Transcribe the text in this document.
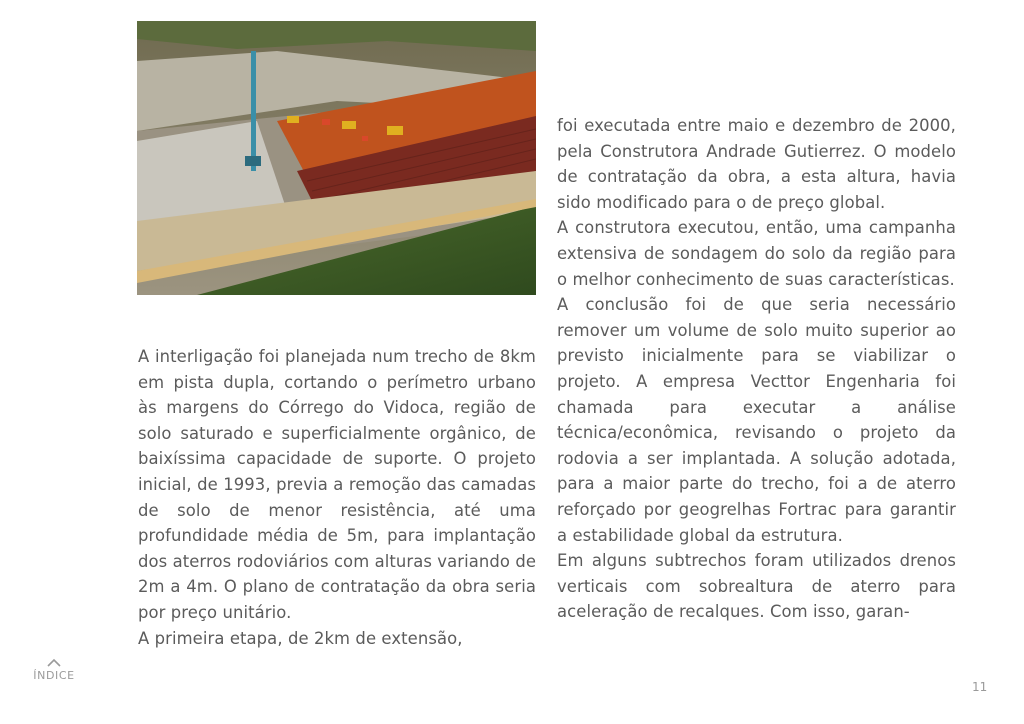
A interligação foi planejada num trecho de 8km em pista dupla, cortando o perímetro urbano às margens do Córrego do Vidoca, região de solo saturado e superficialmente orgânico, de baixíssima capacidade de suporte. O projeto inicial, de 1993, previa a remoção das camadas de solo de menor resistência, até uma profundidade média de 5m, para implantação dos aterros rodoviários com alturas variando de 2m a 4m. O plano de contratação da obra seria por preço unitário.

A primeira etapa, de 2km de extensão,

foi executada entre maio e dezembro de 2000, pela Construtora Andrade Gutierrez. O modelo de contratação da obra, a esta altura, havia sido modificado para o de preço global.

A construtora executou, então, uma campanha extensiva de sondagem do solo da região para o melhor conhecimento de suas características.

A conclusão foi de que seria necessário remover um volume de solo muito superior ao previsto inicialmente para se viabilizar o projeto. A empresa Vecttor Engenharia foi chamada para executar a análise técnica/econômica, revisando o projeto da rodovia a ser implantada. A solução adotada, para a maior parte do trecho, foi a de aterro reforçado por geogrelhas Fortrac para garantir a estabilidade global da estrutura.

Em alguns subtrechos foram utilizados drenos verticais com sobrealtura de aterro para aceleração de recalques. Com isso, garan-

ÍNDICE
11
